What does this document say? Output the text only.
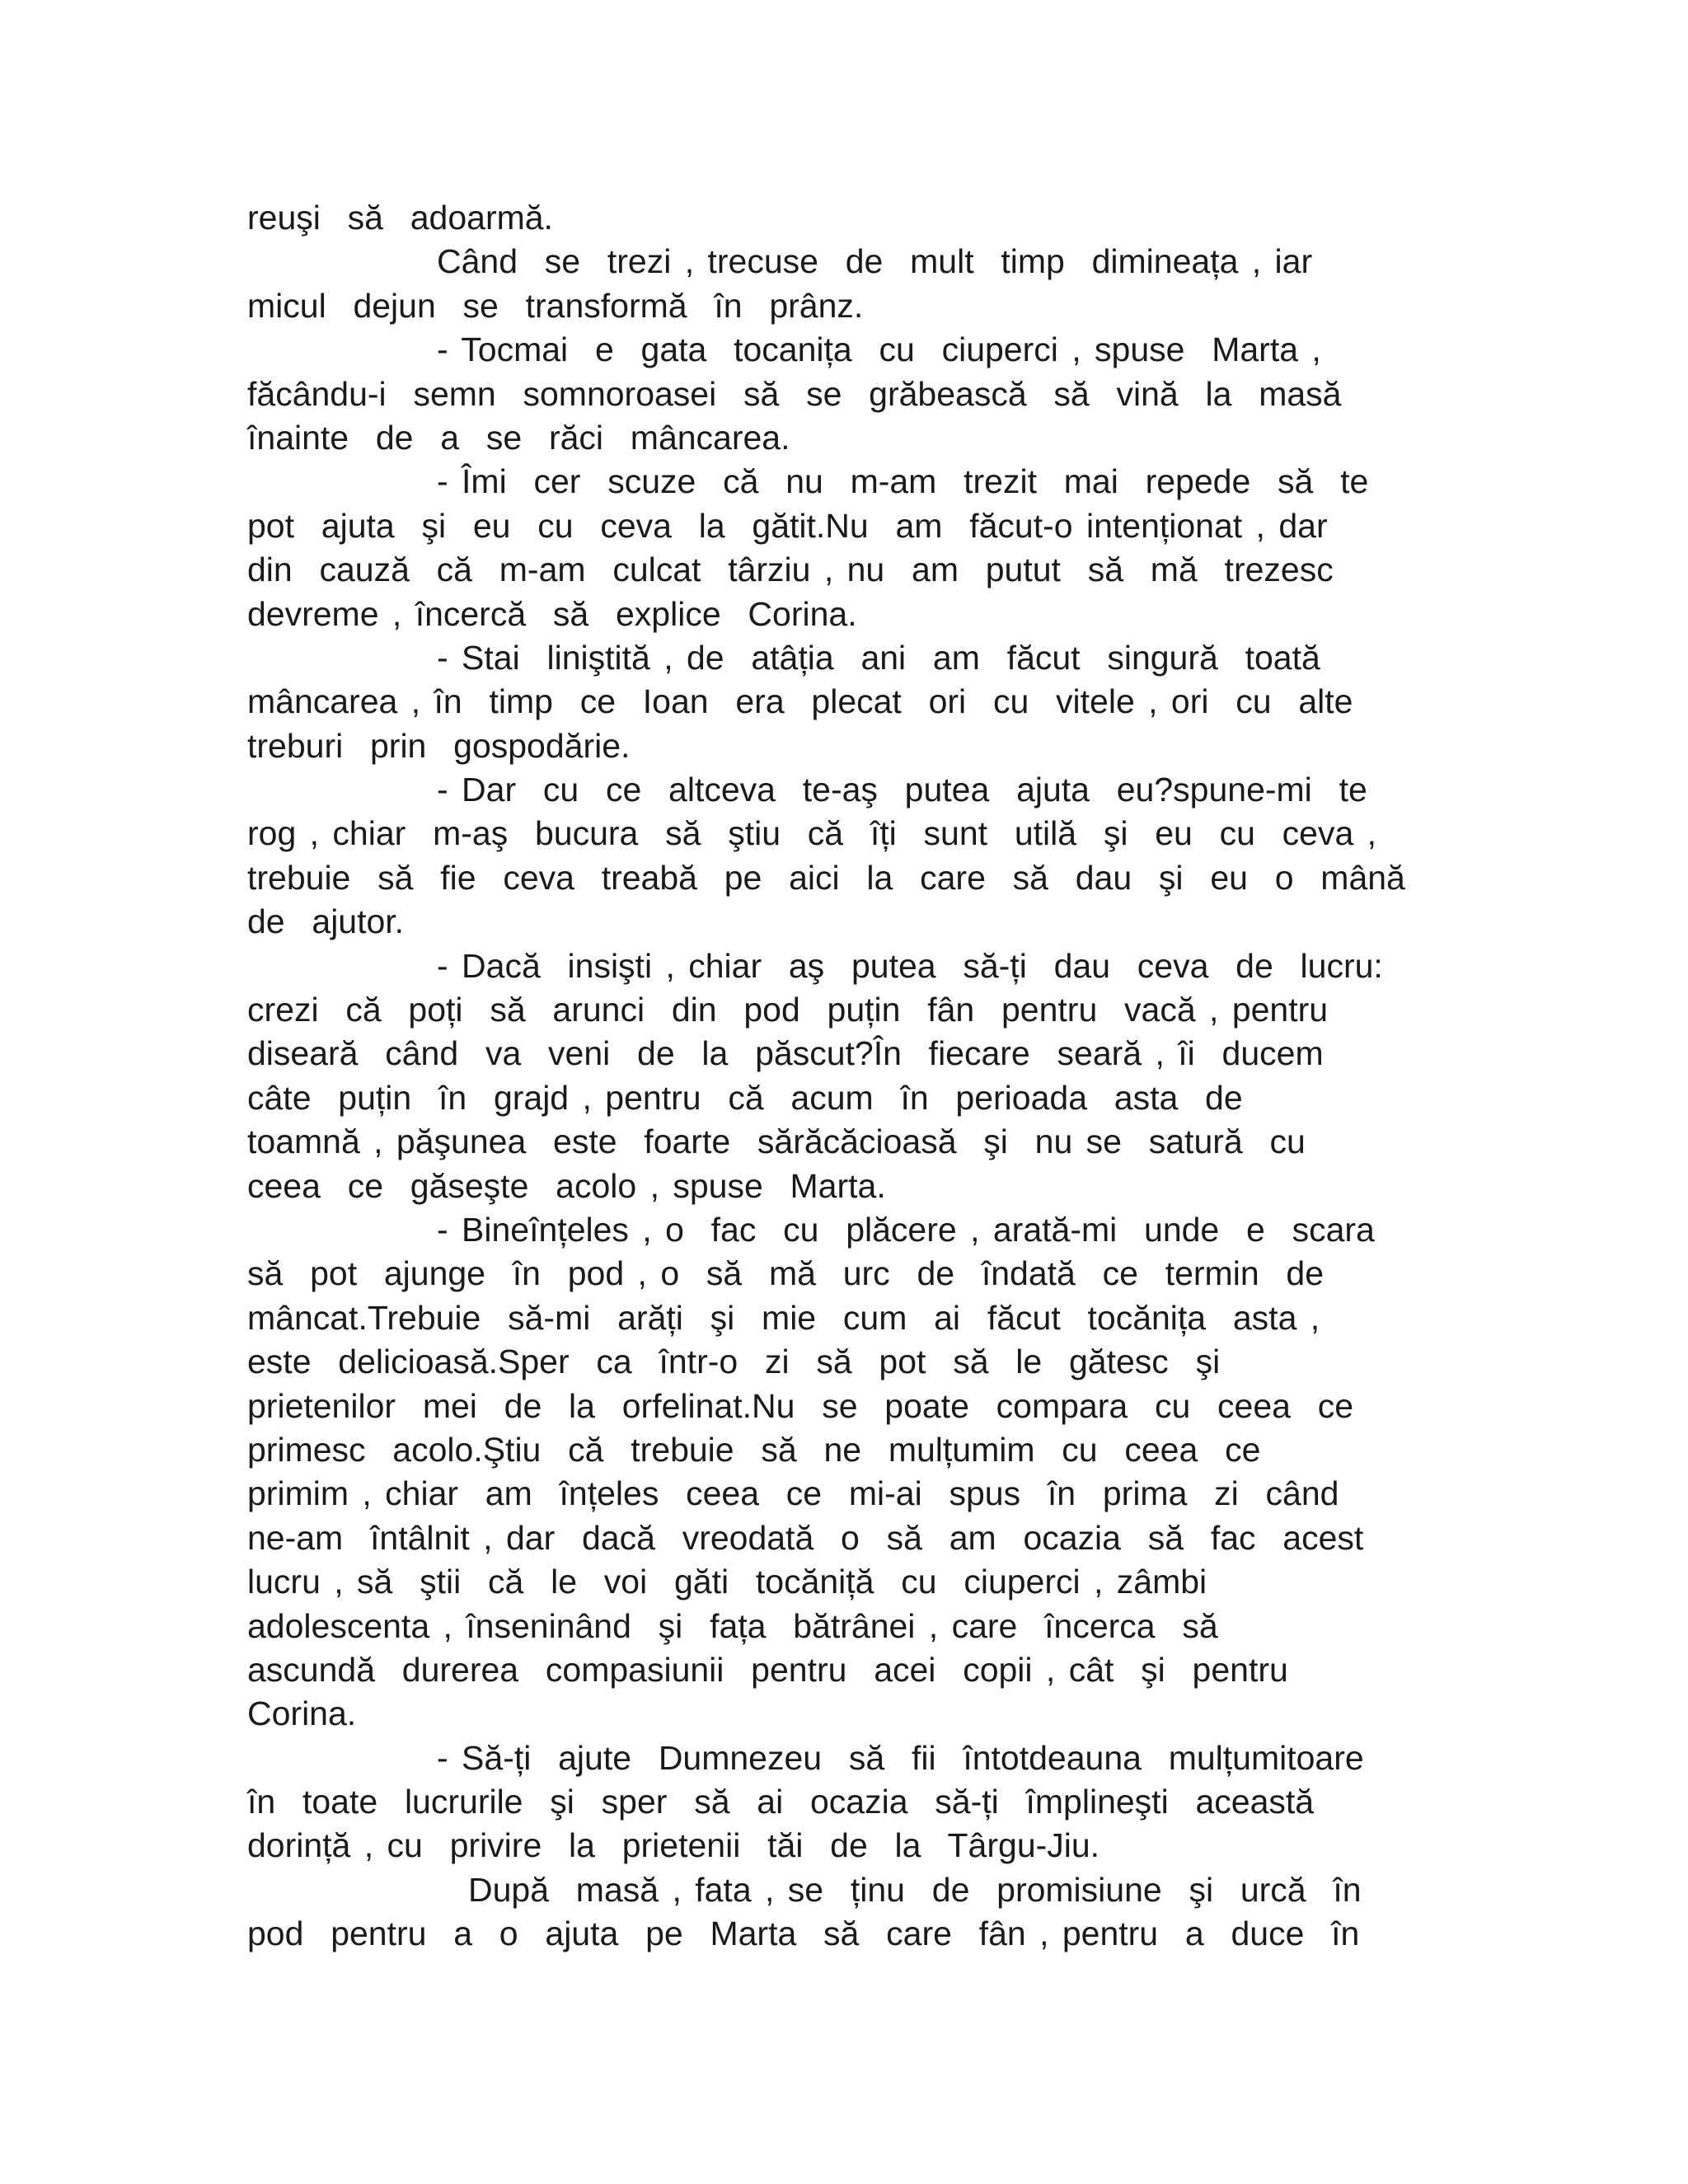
reuşi  să  adoarmă.
Când  se  trezi , trecuse  de  mult  timp  dimineața , iar
micul  dejun  se  transformă  în  prânz.
- Tocmai  e  gata  tocanița  cu  ciuperci , spuse  Marta ,
făcându-i  semn  somnoroasei  să  se  grăbească  să  vină  la  masă
înainte  de  a  se  răci  mâncarea.
- Îmi  cer  scuze  că  nu  m-am  trezit  mai  repede  să  te
pot  ajuta  şi  eu  cu  ceva  la  gătit.Nu  am  făcut-o intenționat , dar
din  cauză  că  m-am  culcat  târziu , nu  am  putut  să  mă  trezesc
devreme , încercă  să  explice  Corina.
- Stai  liniştită , de  atâția  ani  am  făcut  singură  toată
mâncarea , în  timp  ce  Ioan  era  plecat  ori  cu  vitele , ori  cu  alte
treburi  prin  gospodărie.
- Dar  cu  ce  altceva  te-aş  putea  ajuta  eu?spune-mi  te
rog , chiar  m-aş  bucura  să  ştiu  că  îți  sunt  utilă  şi  eu  cu  ceva ,
trebuie  să  fie  ceva  treabă  pe  aici  la  care  să  dau  şi  eu  o  mână
de  ajutor.
- Dacă  insişti , chiar  aş  putea  să-ți  dau  ceva  de  lucru:
crezi  că  poți  să  arunci  din  pod  puțin  fân  pentru  vacă , pentru
diseară  când  va  veni  de  la  păscut?În  fiecare  seară , îi  ducem
câte  puțin  în  grajd , pentru  că  acum  în  perioada  asta  de
toamnă , păşunea  este  foarte  sărăcăcioasă  şi  nu se  satură  cu
ceea  ce  găseşte  acolo , spuse  Marta.
- Bineînțeles , o  fac  cu  plăcere , arată-mi  unde  e  scara
să  pot  ajunge  în  pod , o  să  mă  urc  de  îndată  ce  termin  de
mâncat.Trebuie  să-mi  arăți  şi  mie  cum  ai  făcut  tocănița  asta ,
este  delicioasă.Sper  ca  într-o  zi  să  pot  să  le  gătesc  şi
prietenilor  mei  de  la  orfelinat.Nu  se  poate  compara  cu  ceea  ce
primesc  acolo.Ştiu  că  trebuie  să  ne  mulțumim  cu  ceea  ce
primim , chiar  am  înțeles  ceea  ce  mi-ai  spus  în  prima  zi  când
ne-am  întâlnit , dar  dacă  vreodată  o  să  am  ocazia  să  fac  acest
lucru , să  ştii  că  le  voi  găti  tocăniță  cu  ciuperci , zâmbi
adolescenta , înseninând  şi  fața  bătrânei , care  încerca  să
ascundă  durerea  compasiunii  pentru  acei  copii , cât  şi  pentru
Corina.
- Să-ți  ajute  Dumnezeu  să  fii  întotdeauna  mulțumitoare
în  toate  lucrurile  şi  sper  să  ai  ocazia  să-ți  împlineşti  această
dorință , cu  privire  la  prietenii  tăi  de  la  Târgu-Jiu.
După  masă , fata , se  ținu  de  promisiune  şi  urcă  în
pod  pentru  a  o  ajuta  pe  Marta  să  care  fân , pentru  a  duce  în
